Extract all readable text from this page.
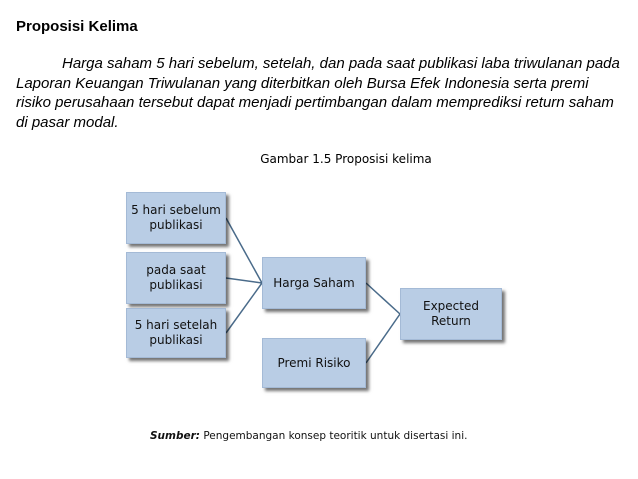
Proposisi Kelima
Harga saham 5 hari sebelum, setelah, dan pada saat publikasi laba triwulanan pada Laporan Keuangan Triwulanan yang diterbitkan oleh Bursa Efek Indonesia serta premi risiko perusahaan tersebut dapat menjadi pertimbangan dalam memprediksi return saham di pasar modal.
Gambar 1.5 Proposisi kelima
5 hari sebelum
publikasi
pada saat
publikasi
5 hari setelah
publikasi
Harga Saham
Premi Risiko
Expected
Return
Sumber: Pengembangan konsep teoritik untuk disertasi ini.
